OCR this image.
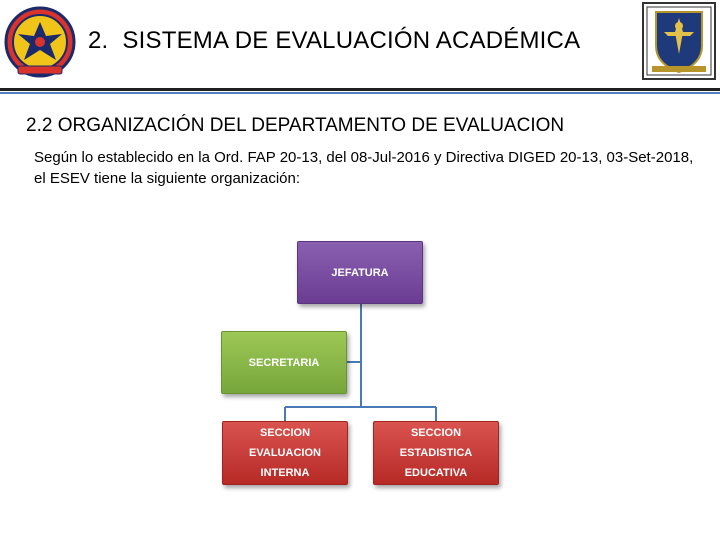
2. SISTEMA DE EVALUACIÓN ACADÉMICA
2.2 ORGANIZACIÓN DEL DEPARTAMENTO DE EVALUACION
Según lo establecido en la Ord. FAP 20-13, del 08-Jul-2016 y Directiva DIGED 20-13, 03-Set-2018, el ESEV tiene la siguiente organización:
JEFATURA
SECRETARIA
SECCION
EVALUACION
INTERNA
SECCION
ESTADISTICA
EDUCATIVA
